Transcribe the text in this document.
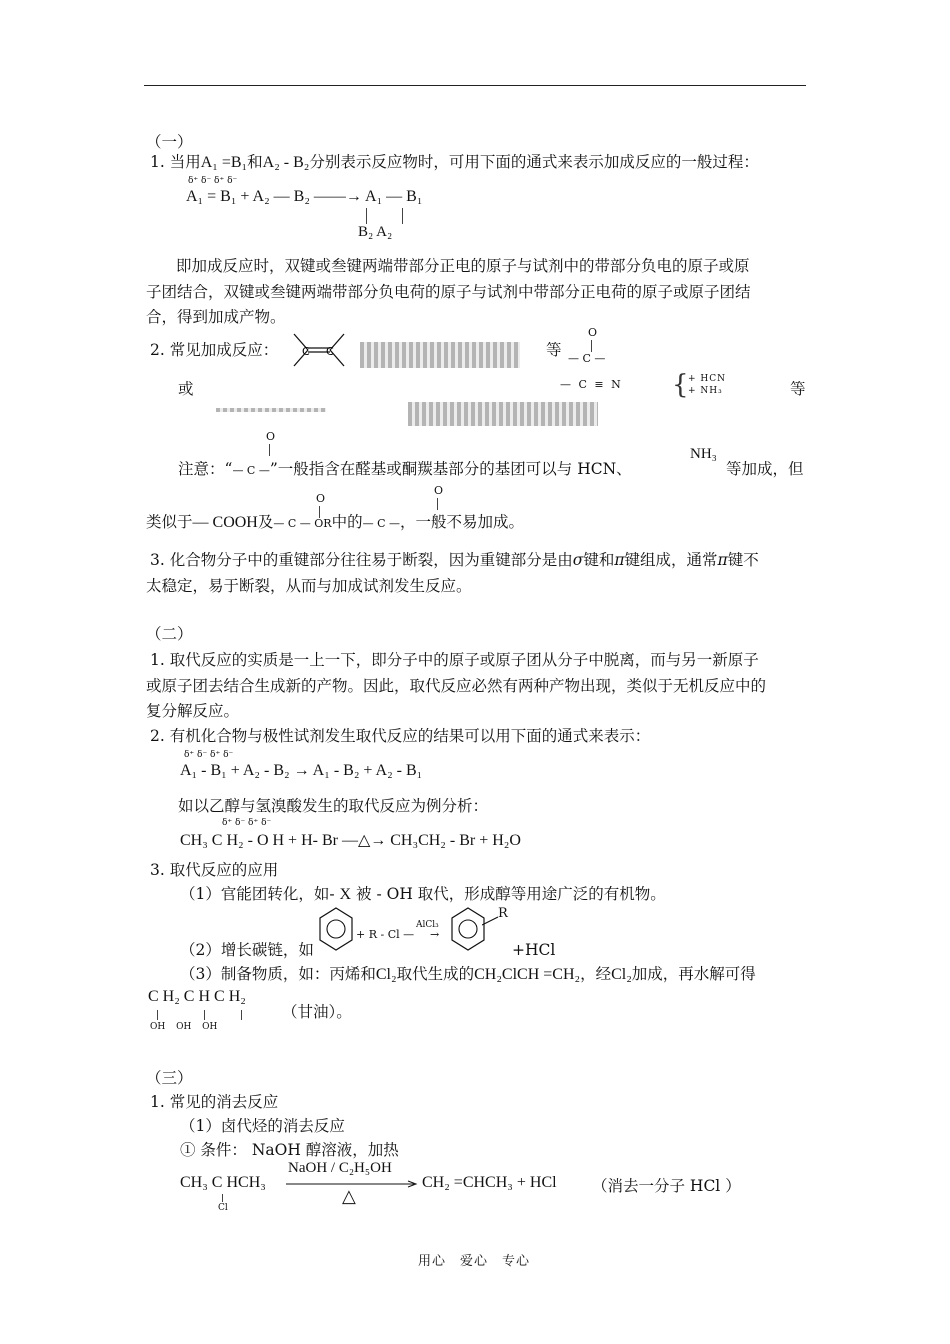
（一）
1. 当用A₁ =B₁和A₂ - B₂分别表示反应物时，可用下面的通式来表示加成反应的一般过程：
δ⁺ δ⁻ δ⁺ δ⁻
A₁ = B₁ + A₂ — B₂ ——→ A₁ — B₁
B₂ A₂
即加成反应时，双键或叁键两端带部分正电的原子与试剂中的带部分负电的原子或原
子团结合，双键或叁键两端带部分负电荷的原子与试剂中带部分正电荷的原子或原子团结
合，得到加成产物。
2. 常见加成反应： C C	等
O
— C —
或	— C ≡ N { + HCN
+ NH₃	等
O
注意：“— C —”一般指含在醛基或酮羰基部分的基团可以与 HCN、
NH₃
等加成，但
O
O
类似于— COOH及— C — OR中的— C —，一般不易加成。
3. 化合物分子中的重键部分往往易于断裂，因为重键部分是由σ键和π键组成，通常π键不
太稳定，易于断裂，从而与加成试剂发生反应。
（二）
1. 取代反应的实质是一上一下，即分子中的原子或原子团从分子中脱离，而与另一新原子
或原子团去结合生成新的产物。因此，取代反应必然有两种产物出现，类似于无机反应中的
复分解反应。
2. 有机化合物与极性试剂发生取代反应的结果可以用下面的通式来表示：
δ⁺ δ⁻ δ⁺ δ⁻
A₁ - B₁ + A₂ - B₂ → A₁ - B₂ + A₂ - B₁
如以乙醇与氢溴酸发生的取代反应为例分析：
δ⁺ δ⁻ δ⁺ δ⁻
CH₃ C H₂ - O H + H- Br —△→ CH₃CH₂ - Br + H₂O
3. 取代反应的应用
（1）官能团转化，如- X 被 - OH 取代，形成醇等用途广泛的有机物。
（2）增长碳链，如
+ R - Cl —
AlCl₃
→
R
+HCl
（3）制备物质，如：丙烯和Cl₂取代生成的CH₂ClCH =CH₂，经Cl₂加成，再水解可得
C H₂ C H C H₂
OH OH OH
（甘油）。
（三）
1. 常见的消去反应
（1）卤代烃的消去反应
① 条件： NaOH 醇溶液，加热
CH₃ C HCH₃
Cl
NaOH / C₂H₅OH
△
CH₂ =CHCH₃ + HCl （消去一分子 HCl ）
用心　爱心　专心
